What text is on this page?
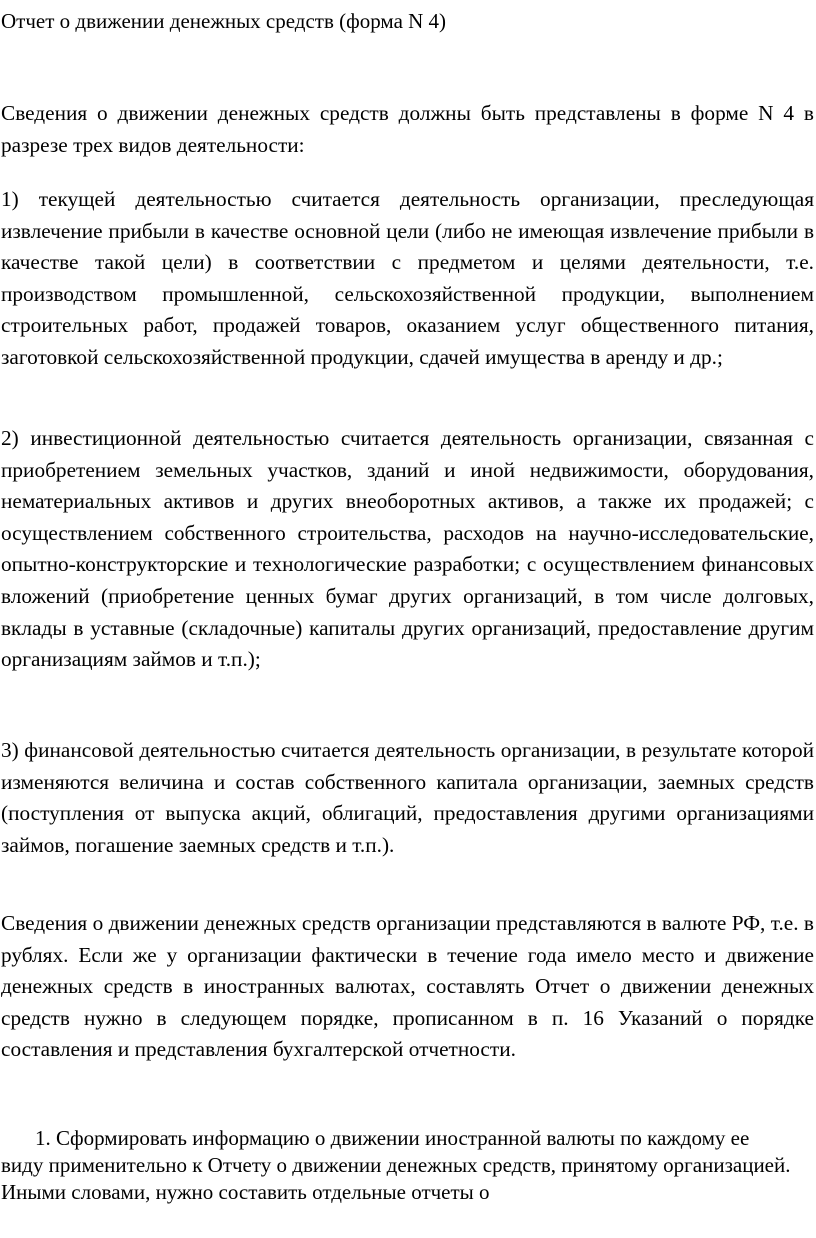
Отчет о движении денежных средств (форма N 4)

Сведения о движении денежных средств должны быть представлены в форме N 4 в разрезе трех видов деятельности:

1) текущей деятельностью считается деятельность организации, преследующая извлечение прибыли в качестве основной цели (либо не имеющая извлечение прибыли в качестве такой цели) в соответствии с предметом и целями деятельности, т.е. производством промышленной, сельскохозяйственной продукции, выполнением строительных работ, продажей товаров, оказанием услуг общественного питания, заготовкой сельскохозяйственной продукции, сдачей имущества в аренду и др.;

2) инвестиционной деятельностью считается деятельность организации, связанная с приобретением земельных участков, зданий и иной недвижимости, оборудования, нематериальных активов и других внеоборотных активов, а также их продажей; с осуществлением собственного строительства, расходов на научно-исследовательские, опытно-конструкторские и технологические разработки; с осуществлением финансовых вложений (приобретение ценных бумаг других организаций, в том числе долговых, вклады в уставные (складочные) капиталы других организаций, предоставление другим организациям займов и т.п.);

3) финансовой деятельностью считается деятельность организации, в результате которой изменяются величина и состав собственного капитала организации, заемных средств (поступления от выпуска акций, облигаций, предоставления другими организациями займов, погашение заемных средств и т.п.).

Сведения о движении денежных средств организации представляются в валюте РФ, т.е. в рублях. Если же у организации фактически в течение года имело место и движение денежных средств в иностранных валютах, составлять Отчет о движении денежных средств нужно в следующем порядке, прописанном в п. 16 Указаний о порядке составления и представления бухгалтерской отчетности.

1. Сформировать информацию о движении иностранной валюты по каждому ее виду применительно к Отчету о движении денежных средств, принятому организацией. Иными словами, нужно составить отдельные отчеты о
